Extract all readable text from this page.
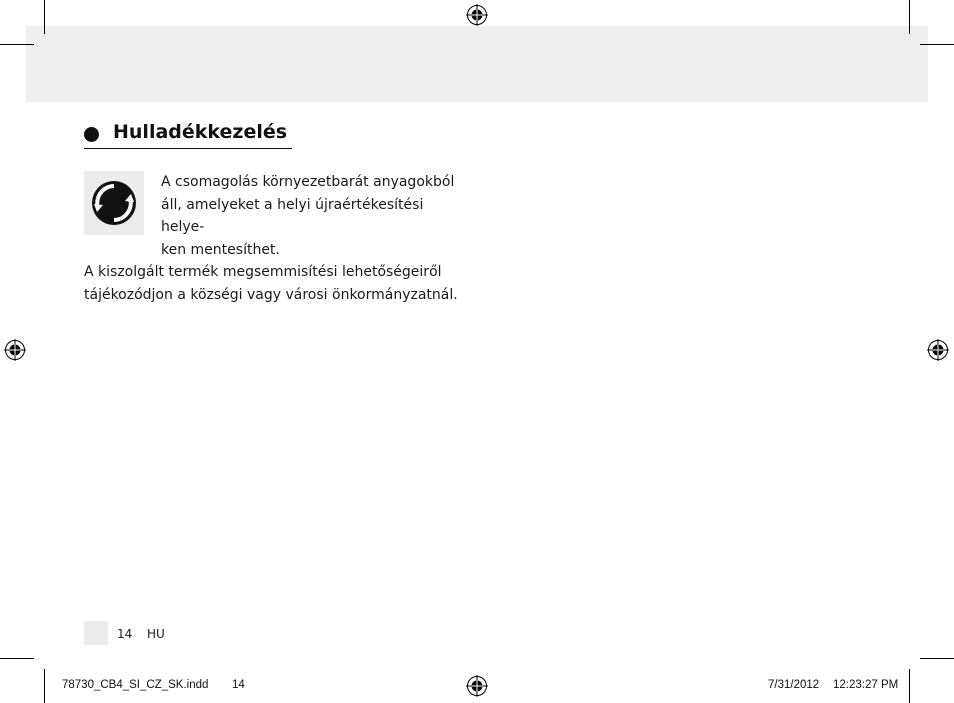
Hulladékkezelés
A csomagolás környezetbarát anyagokból
áll, amelyeket a helyi újraértékesítési helye-
ken mentesíthet.
A kiszolgált termék megsemmisítési lehetőségeiről
tájékozódjon a községi vagy városi önkormányzatnál.
14 HU
78730_CB4_SI_CZ_SK.indd 14	7/31/2012 12:23:27 PM
